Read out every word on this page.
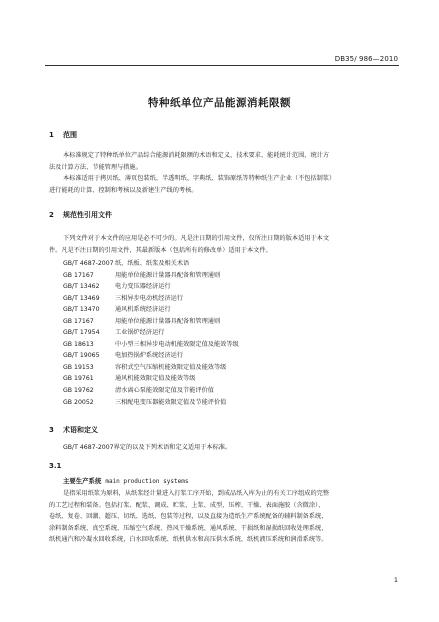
DB35/ 986—2010
特种纸单位产品能源消耗限额
1 范围
本标准规定了特种纸单位产品综合能源消耗限额的术语和定义、技术要求、能耗统计范围、统计方
法及计算方法、节能管理与措施。
本标准适用于拷贝纸、薄页包装纸、半透明纸、字典纸、装饰原纸等特种纸生产企业（不包括制浆）
进行能耗的计算、控制和考核以及新建生产线的考核。
2 规范性引用文件
下列文件对于本文件的应用是必不可少的。凡是注日期的引用文件，仅所注日期的版本适用于本文
件。凡是不注日期的引用文件，其最新版本（包括所有的修改单）适用于本文件。
GB/T 4687-2007纸、纸板、纸浆及相关术语
GB 17167	用能单位能源计量器具配备和管理通则
GB/T 13462 电力变压器经济运行
GB/T 13469 三相异步电动机经济运行
GB/T 13470 通风机系统经济运行
GB 17167	用能单位能源计量器具配备和管理通则
GB/T 17954 工业锅炉经济运行
GB 18613	中小型三相异步电动机能效限定值及能效等级
GB/T 19065 电加热锅炉系统经济运行
GB 19153	容积式空气压缩机能效限定值及能效等级
GB 19761	通风机能效限定值及能效等级
GB 19762	清水离心泵能效限定值及节能评价值
GB 20052	三相配电变压器能效限定值及节能评价值
3 术语和定义
GB/T 4687-2007界定的以及下列术语和定义适用于本标准。
3.1
主要生产系统 main production systems
是指采用纸浆为原料，从纸浆经计量进入打浆工序开始，到成品纸入库为止的有关工序组成的完整
的工艺过程和装备。包括打浆、配浆、调成、贮浆、上浆、成型、压榨、干燥、表面施胶（含微涂）、
卷纸、复卷、回潮、超压、切纸、选纸、包装等过程，以及直接为造纸生产系统配备的辅料制备系统、
涂料制备系统、真空系统、压缩空气系统、热风干燥系统、通风系统、干损纸和湿损纸回收处理系统、
纸机通汽和冷凝水回收系统，白水回收系统、纸机供水和高压供水系统、纸机液压系统和润滑系统等。
1
